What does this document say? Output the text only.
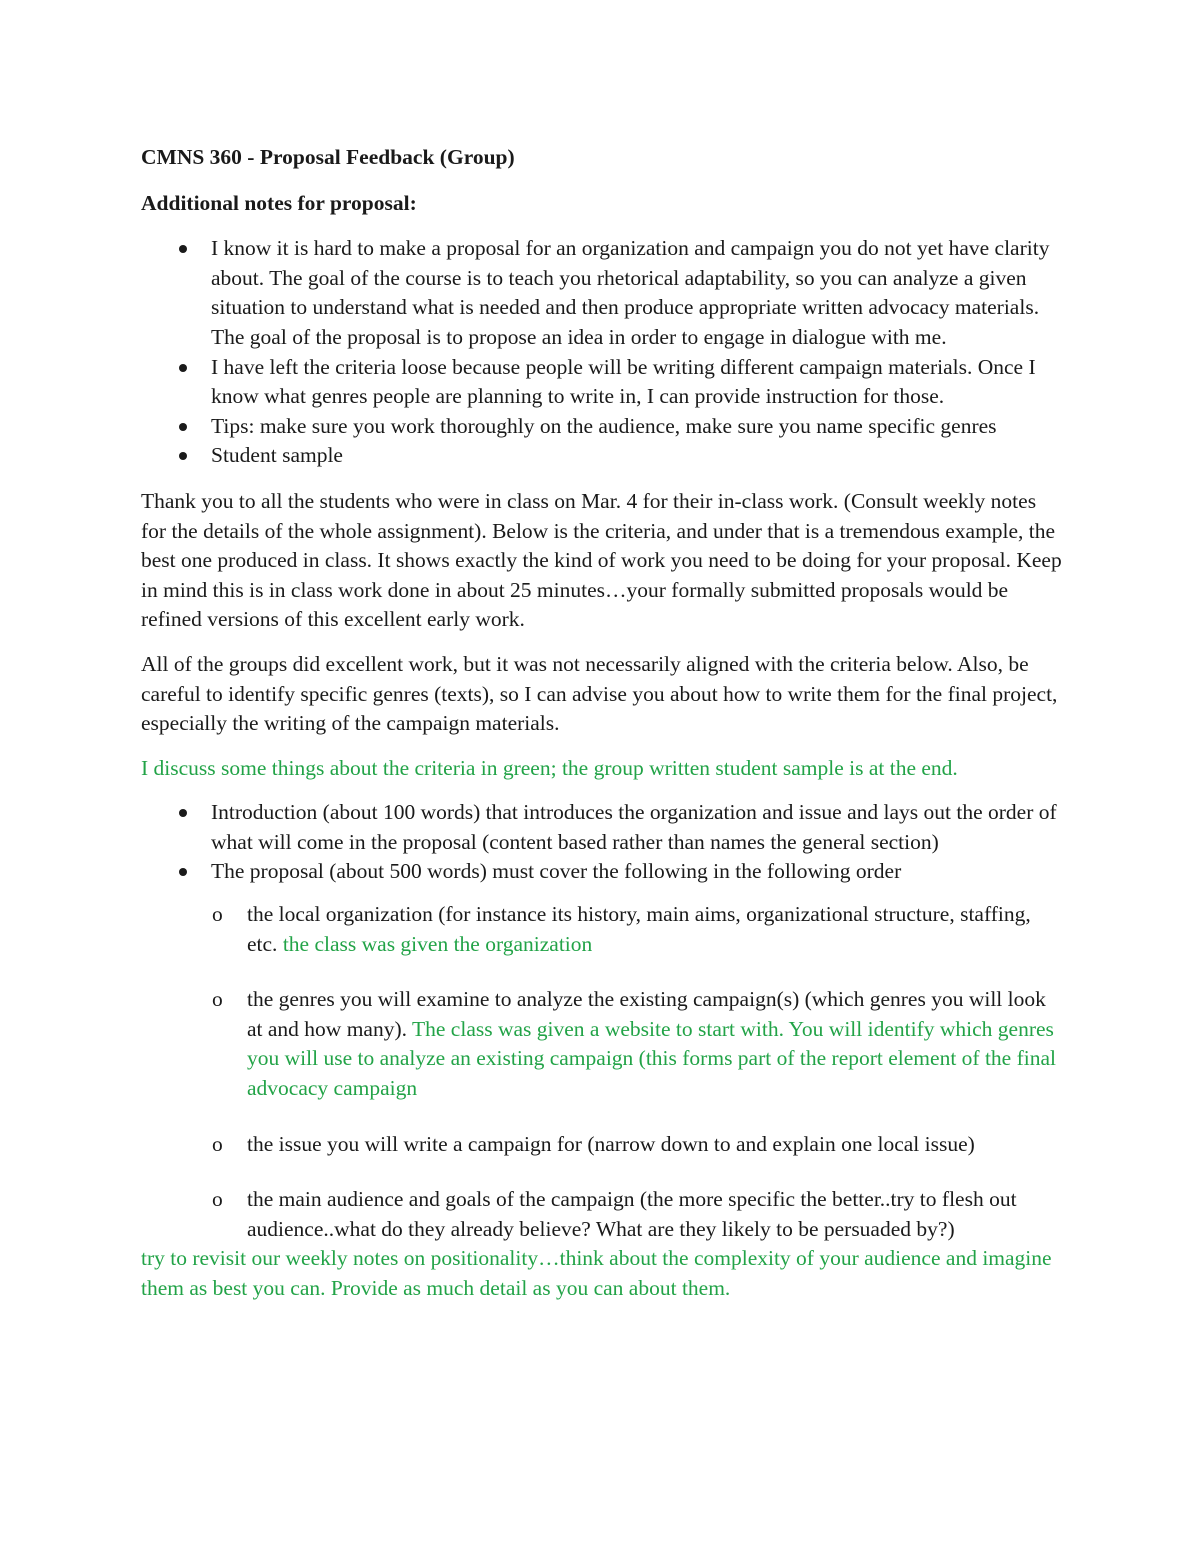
CMNS 360 - Proposal Feedback (Group)
Additional notes for proposal:
I know it is hard to make a proposal for an organization and campaign you do not yet have clarity about. The goal of the course is to teach you rhetorical adaptability, so you can analyze a given situation to understand what is needed and then produce appropriate written advocacy materials. The goal of the proposal is to propose an idea in order to engage in dialogue with me.
I have left the criteria loose because people will be writing different campaign materials. Once I know what genres people are planning to write in, I can provide instruction for those.
Tips: make sure you work thoroughly on the audience, make sure you name specific genres
Student sample

Thank you to all the students who were in class on Mar. 4 for their in-class work. (Consult weekly notes for the details of the whole assignment). Below is the criteria, and under that is a tremendous example, the best one produced in class. It shows exactly the kind of work you need to be doing for your proposal. Keep in mind this is in class work done in about 25 minutes…your formally submitted proposals would be refined versions of this excellent early work.

All of the groups did excellent work, but it was not necessarily aligned with the criteria below. Also, be careful to identify specific genres (texts), so I can advise you about how to write them for the final project, especially the writing of the campaign materials.

I discuss some things about the criteria in green; the group written student sample is at the end.

Introduction (about 100 words) that introduces the organization and issue and lays out the order of what will come in the proposal (content based rather than names the general section)
The proposal (about 500 words) must cover the following in the following order
o the local organization (for instance its history, main aims, organizational structure, staffing, etc. the class was given the organization
o the genres you will examine to analyze the existing campaign(s) (which genres you will look at and how many). The class was given a website to start with. You will identify which genres you will use to analyze an existing campaign (this forms part of the report element of the final advocacy campaign
o the issue you will write a campaign for (narrow down to and explain one local issue)
o the main audience and goals of the campaign (the more specific the better..try to flesh out audience..what do they already believe? What are they likely to be persuaded by?)

try to revisit our weekly notes on positionality…think about the complexity of your audience and imagine them as best you can. Provide as much detail as you can about them.
